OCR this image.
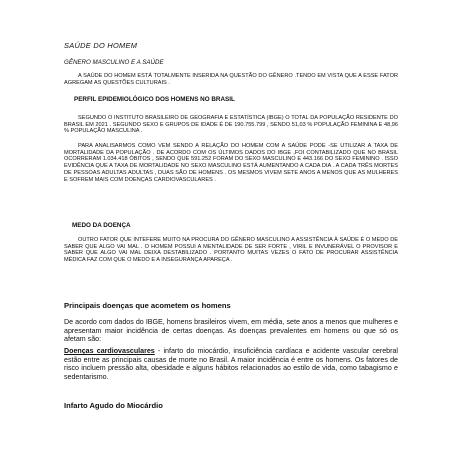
SAÚDE DO HOMEM
GÊNERO MASCULINO E A SAÚDE
A SAÚDE DO HOMEM ESTÁ TOTALMENTE INSERIDA NA QUESTÃO DO GÊNERO .TENDO EM VISTA QUE A ESSE FATOR AGREGAM AS QUESTÕES CULTURAIS .
PERFIL EPIDEMIOLÓGICO DOS HOMENS NO BRASIL
SEGUNDO O INSTITUTO BRASILEIRO DE GEOGRAFIA E ESTATÍSTICA (IBGE) O TOTAL DA POPULAÇÃO RESIDENTE DO BRASIL EM 2021 . SEGUNDO SEXO E GRUPOS DE IDADE É DE 190.755.799 , SENDO 51,03 % POPULAÇÃO FEMININA E 48,96 % POPULAÇÃO MASCULINA .
PARA ANALISARMOS COMO VEM SENDO A RELAÇÃO DO HOMEM COM A SAÚDE PODE -SE UTILIZAR A TAXA DE MORTALIDADE DA POPULAÇÃO . DE ACORDO COM OS ÚLTIMOS DADOS DO IBGE ,FOI CONTABILIZADO QUE NO BRASIL OCORRERAM 1.034.418 ÓBITOS , SENDO QUE 591.252 FORAM DO SEXO MASCULINO E 443.166 DO SEXO FEMININO . ISSO EVIDÊNCIA QUE A TAXA DE MORTALIDADE NO SEXO MASCULINO ESTÁ AUMENTANDO A CADA DIA . A CADA TRÊS MORTES DE PESSOAS ADULTAS ADULTAS , DUAS SÃO DE HOMENS . OS MESMOS VIVEM SETE ANOS A MENOS QUE AS MULHERES E SOFREM MAIS COM DOENÇAS CARDIOVASCULARES .
MEDO DA DOENÇA
OUTRO FATOR QUE INTEFERE MUITO NA PROCURA DO GÊNERO MASCULINO A ASSISTÊNCIA À SAÚDE É O MEDO DE SABER QUE ALGO VAI MAL . O HOMEM POSSUI A MENTALIDADE DE SER FORTE , VIRIL E INVUNERÁVEL O PROVISOR E SABER QUE ALGO VAI MAL DEIXA DESTABILIZADO . PORTANTO MUITAS VEZES O FATO DE PROCURAR ASSISTÊNCIA MÉDICA FAZ COM QUE O MEDO E A INSEGURANÇA APAREÇA .
Principais doenças que acometem os homens
De acordo com dados do IBGE, homens brasileiros vivem, em média, sete anos a menos que mulheres e apresentam maior incidência de certas doenças. As doenças prevalentes em homens ou que só os afetam são:
Doenças cardiovasculares - infarto do miocárdio, insuficiência cardíaca e acidente vascular cerebral estão entre as principais causas de morte no Brasil. A maior incidência é entre os homens. Os fatores de risco incluem pressão alta, obesidade e alguns hábitos relacionados ao estilo de vida, como tabagismo e sedentarismo.
Infarto Agudo do Miocárdio
